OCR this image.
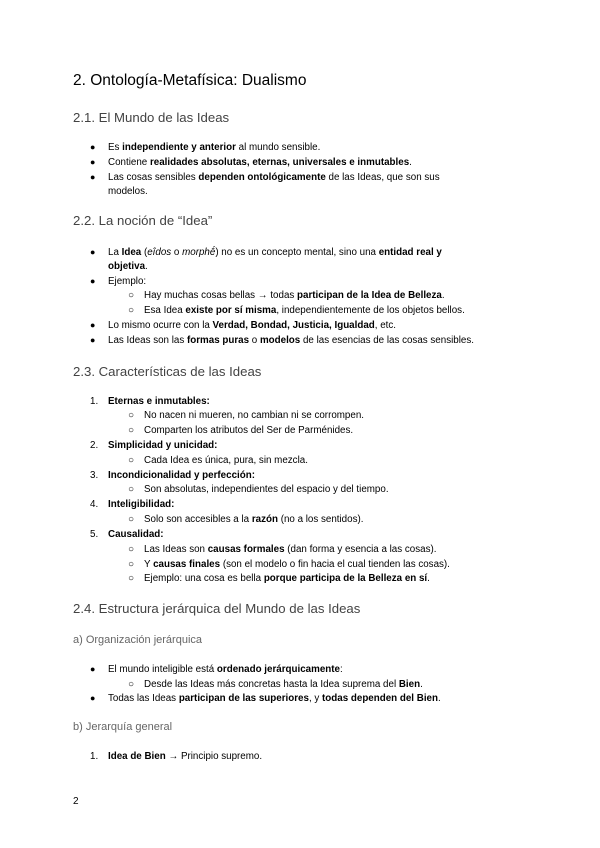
2. Ontología-Metafísica: Dualismo
2.1. El Mundo de las Ideas
● Es independiente y anterior al mundo sensible.

● Contiene realidades absolutas, eternas, universales e inmutables.

● Las cosas sensibles dependen ontológicamente de las Ideas, que son sus

modelos.

2.2. La noción de “Idea”
● La Idea (eîdos o morphḗ) no es un concepto mental, sino una entidad real y

objetiva.

● Ejemplo:

○ Hay muchas cosas bellas → todas participan de la Idea de Belleza.

○ Esa Idea existe por sí misma, independientemente de los objetos bellos.

● Lo mismo ocurre con la Verdad, Bondad, Justicia, Igualdad, etc.

● Las Ideas son las formas puras o modelos de las esencias de las cosas sensibles.

2.3. Características de las Ideas
1. Eternas e inmutables:

○ No nacen ni mueren, no cambian ni se corrompen.

○ Comparten los atributos del Ser de Parménides.

2. Simplicidad y unicidad:

○ Cada Idea es única, pura, sin mezcla.

3. Incondicionalidad y perfección:

○ Son absolutas, independientes del espacio y del tiempo.

4. Inteligibilidad:

○ Solo son accesibles a la razón (no a los sentidos).

5. Causalidad:

○ Las Ideas son causas formales (dan forma y esencia a las cosas).

○ Y causas finales (son el modelo o fin hacia el cual tienden las cosas).

○ Ejemplo: una cosa es bella porque participa de la Belleza en sí.

2.4. Estructura jerárquica del Mundo de las Ideas
a) Organización jerárquica
● El mundo inteligible está ordenado jerárquicamente:

○ Desde las Ideas más concretas hasta la Idea suprema del Bien.

● Todas las Ideas participan de las superiores, y todas dependen del Bien.

b) Jerarquía general
1. Idea de Bien → Principio supremo.

2
